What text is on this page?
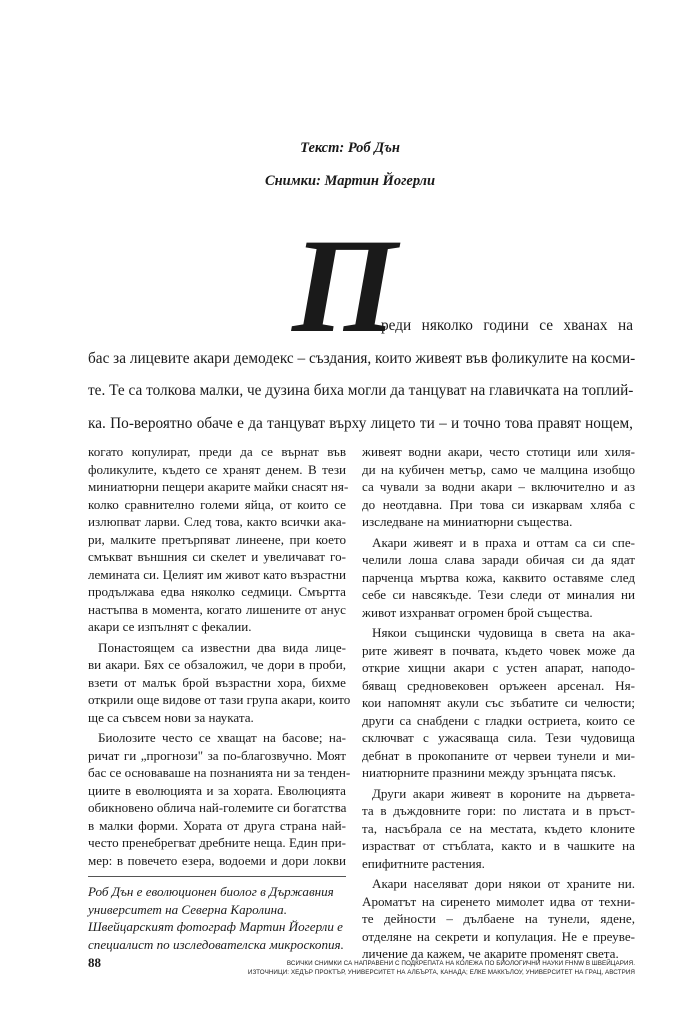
Текст: Роб Дън
Снимки: Мартин Йогерли
П
реди няколко години се хванах на
бас за лицевите акари демодекс – създания, които живеят във фоликулите на косми-
те. Те са толкова малки, че дузина биха могли да танцуват на главичката на топлий-
ка. По-вероятно обаче е да танцуват върху лицето ти – и точно това правят нощем,
когато копулират, преди да се върнат във
фоликулите, където се хранят денем. В тези
миниатюрни пещери акарите майки снасят ня-
колко сравнително големи яйца, от които се
излюпват ларви. След това, както всички ака-
ри, малките претърпяват линеене, при което
смъкват външния си скелет и увеличават го-
лемината си. Целият им живот като възрастни
продължава едва няколко седмици. Смъртта
настъпва в момента, когато лишените от анус
акари се изпълнят с фекалии.
Понастоящем са известни два вида лице-
ви акари. Бях се обзаложил, че дори в проби,
взети от малък брой възрастни хора, бихме
открили още видове от тази група акари, които
ще са съвсем нови за науката.
Биолозите често се хващат на басове; на-
ричат ги „прогнози" за по-благозвучно. Моят
бас се основаваше на познанията ни за тенден-
циите в еволюцията и за хората. Еволюцията
обикновено облича най-големите си богатства
в малки форми. Хората от друга страна най-
често пренебрегват дребните неща. Един при-
мер: в повечето езера, водоеми и дори локви
Роб Дън е еволюционен биолог в Държавния
университет на Северна Каролина.
Швейцарският фотограф Мартин Йогерли е
специалист по изследователска микроскопия.
живеят водни акари, често стотици или хиля-
ди на кубичен метър, само че малцина изобщо
са чували за водни акари – включително и аз
до неотдавна. При това си изкарвам хляба с
изследване на миниатюрни същества.
Акари живеят и в праха и оттам са си спе-
челили лоша слава заради обичая си да ядат
парченца мъртва кожа, каквито оставяме след
себе си навсякъде. Тези следи от миналия ни
живот изхранват огромен брой същества.
Някои същински чудовища в света на ака-
рите живеят в почвата, където човек може да
открие хищни акари с устен апарат, наподо-
бяващ средновековен оръжеен арсенал. Ня-
кои напомнят акули със зъбатите си челюсти;
други са снабдени с гладки остриета, които се
сключват с ужасяваща сила. Тези чудовища
дебнат в прокопаните от червеи тунели и ми-
ниатюрните празнини между зрънцата пясък.
Други акари живеят в короните на дървета-
та в дъждовните гори: по листата и в пръст-
та, насъбрала се на местата, където клоните
израстват от стъблата, както и в чашките на
епифитните растения.
Акари населяват дори някои от храните ни.
Ароматът на сиренето мимолет идва от техни-
те дейности – дълбаене на тунели, ядене,
отделяне на секрети и копулация. Не е преуве-
личение да кажем, че акарите променят света.
88	ВСИЧКИ СНИМКИ СА НАПРАВЕНИ С ПОДКРЕПАТА НА КОЛЕЖА ПО БИОЛОГИЧНИ НАУКИ FHNW В ШВЕЙЦАРИЯ.
ИЗТОЧНИЦИ: ХЕДЪР ПРОКТЪР, УНИВЕРСИТЕТ НА АЛБЪРТА, КАНАДА; ЕЛКЕ МАККЪЛОУ, УНИВЕРСИТЕТ НА ГРАЦ, АВСТРИЯ
